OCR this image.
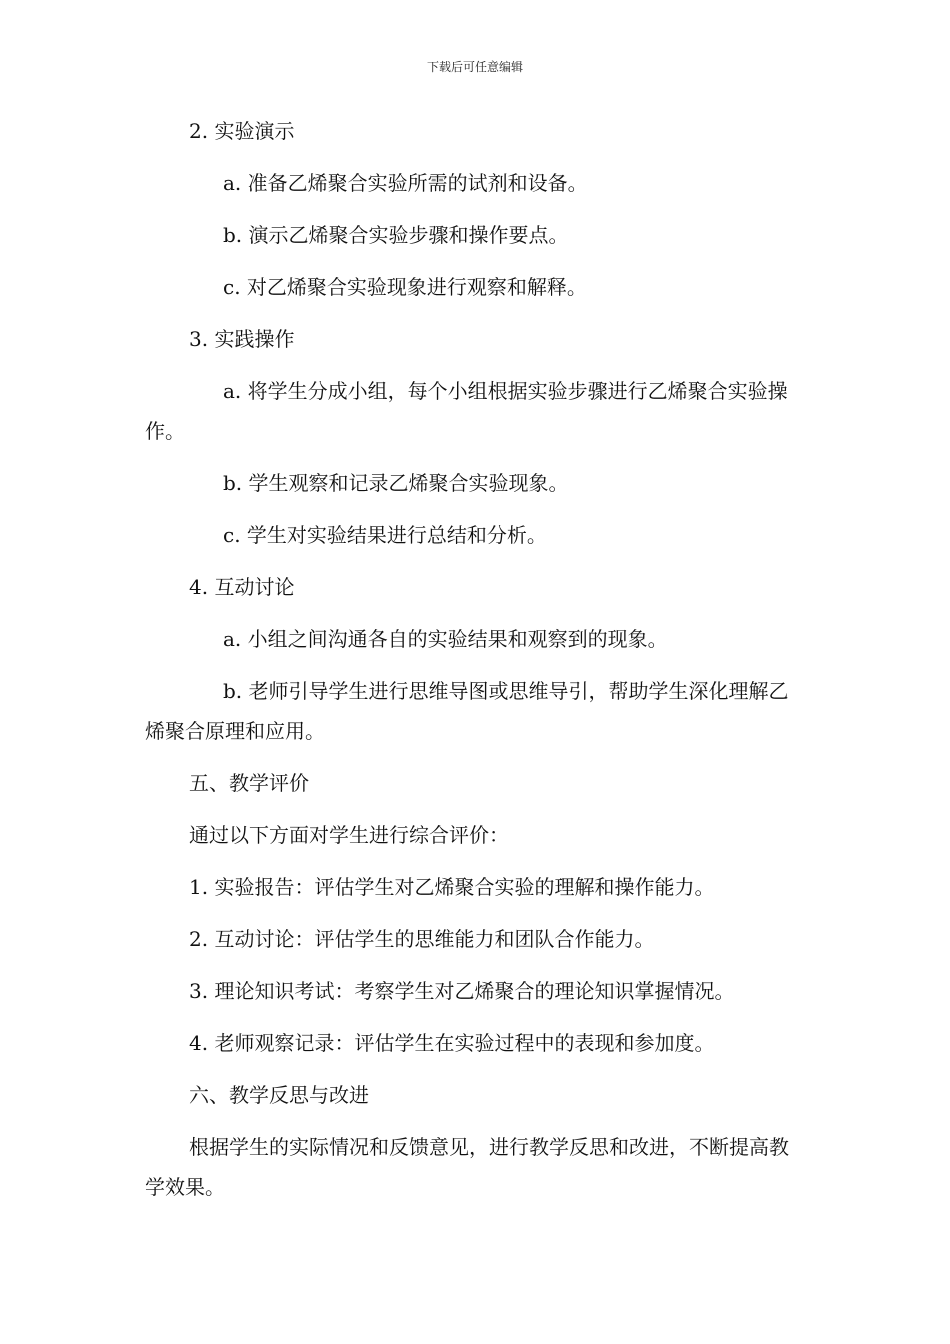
下载后可任意编辑

2. 实验演示

a. 准备乙烯聚合实验所需的试剂和设备。

b. 演示乙烯聚合实验步骤和操作要点。

c. 对乙烯聚合实验现象进行观察和解释。

3. 实践操作

a. 将学生分成小组，每个小组根据实验步骤进行乙烯聚合实验操作。

b. 学生观察和记录乙烯聚合实验现象。

c. 学生对实验结果进行总结和分析。

4. 互动讨论

a. 小组之间沟通各自的实验结果和观察到的现象。

b. 老师引导学生进行思维导图或思维导引，帮助学生深化理解乙烯聚合原理和应用。

五、教学评价

通过以下方面对学生进行综合评价：

1. 实验报告：评估学生对乙烯聚合实验的理解和操作能力。

2. 互动讨论：评估学生的思维能力和团队合作能力。

3. 理论知识考试：考察学生对乙烯聚合的理论知识掌握情况。

4. 老师观察记录：评估学生在实验过程中的表现和参加度。

六、教学反思与改进

根据学生的实际情况和反馈意见，进行教学反思和改进，不断提高教学效果。
